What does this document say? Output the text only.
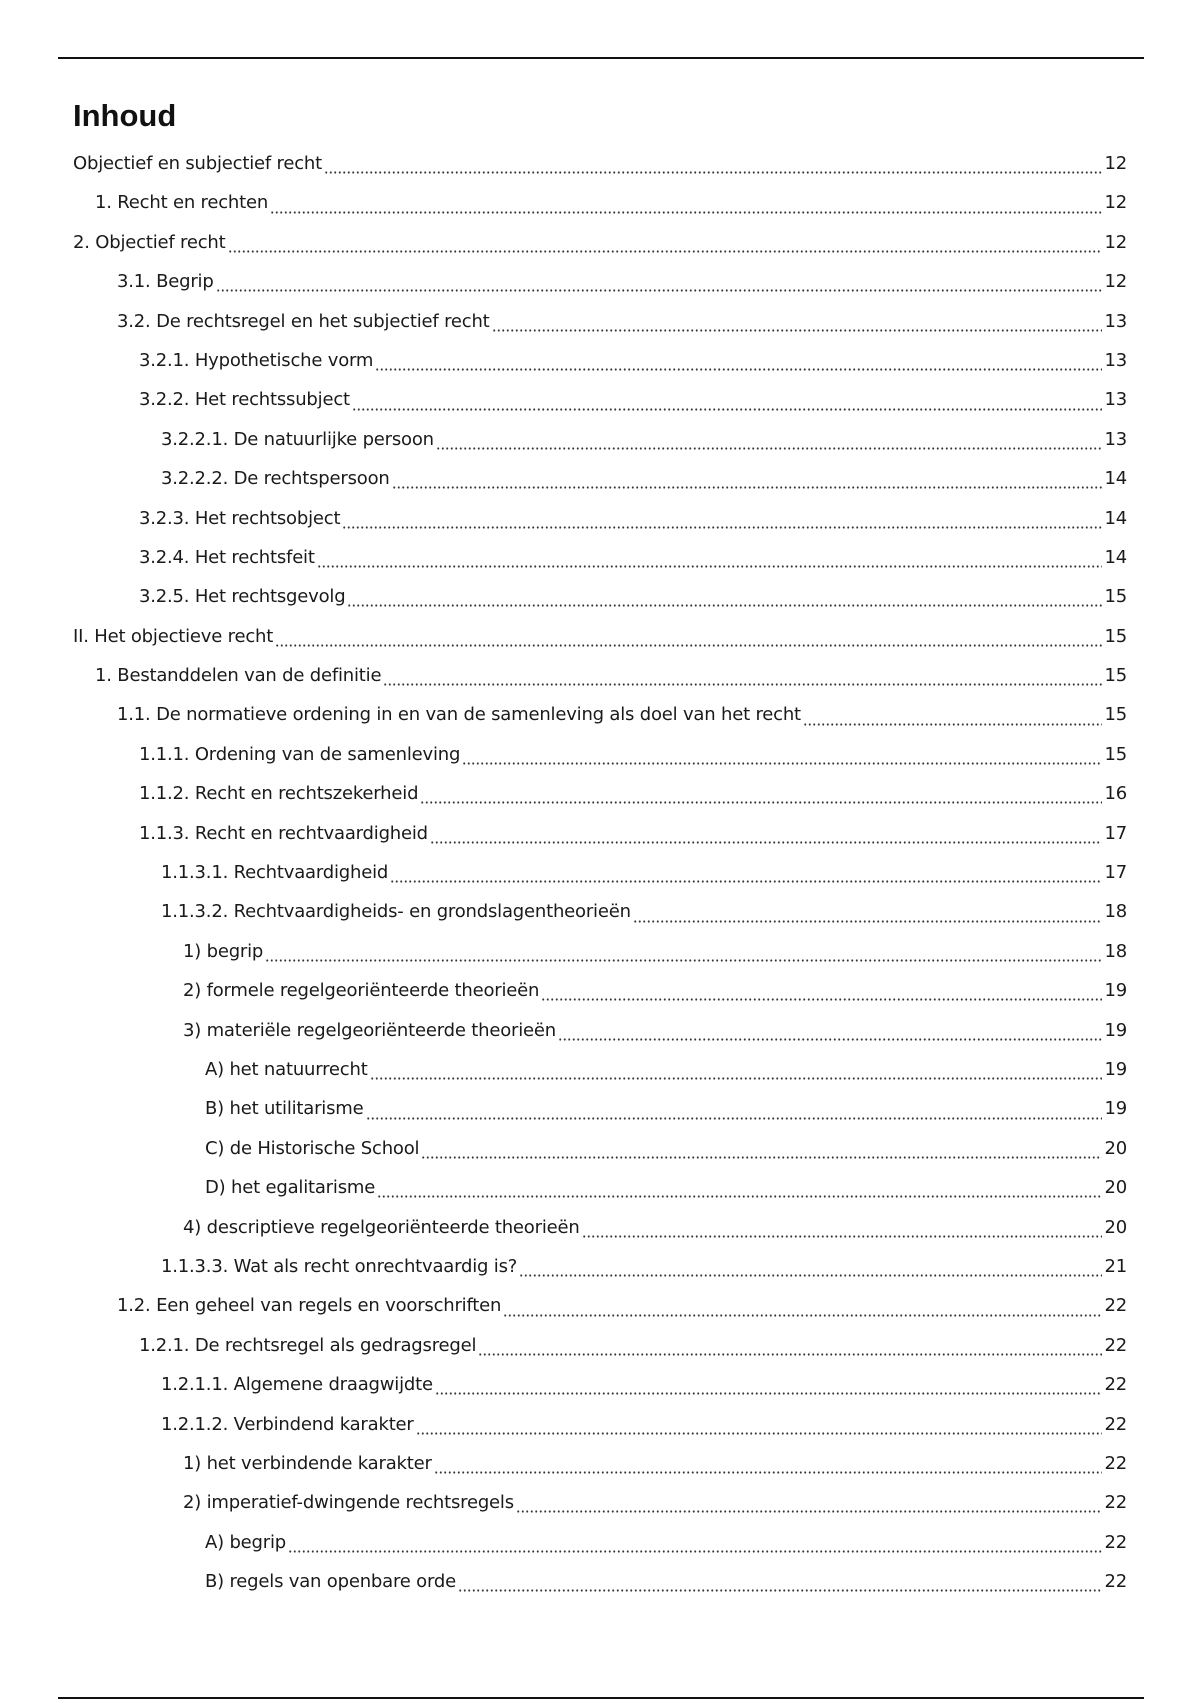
Inhoud
Objectief en subjectief recht	12
1. Recht en rechten	12
2. Objectief recht	12
3.1. Begrip	12
3.2. De rechtsregel en het subjectief recht	13
3.2.1. Hypothetische vorm	13
3.2.2. Het rechtssubject	13
3.2.2.1. De natuurlijke persoon	13
3.2.2.2. De rechtspersoon	14
3.2.3. Het rechtsobject	14
3.2.4. Het rechtsfeit	14
3.2.5. Het rechtsgevolg	15
II. Het objectieve recht	15
1. Bestanddelen van de definitie	15
1.1. De normatieve ordening in en van de samenleving als doel van het recht	15
1.1.1. Ordening van de samenleving	15
1.1.2. Recht en rechtszekerheid	16
1.1.3. Recht en rechtvaardigheid	17
1.1.3.1. Rechtvaardigheid	17
1.1.3.2. Rechtvaardigheids- en grondslagentheorieën	18
1) begrip	18
2) formele regelgeoriënteerde theorieën	19
3) materiële regelgeoriënteerde theorieën	19
A) het natuurrecht	19
B) het utilitarisme	19
C) de Historische School	20
D) het egalitarisme	20
4) descriptieve regelgeoriënteerde theorieën	20
1.1.3.3. Wat als recht onrechtvaardig is?	21
1.2. Een geheel van regels en voorschriften	22
1.2.1. De rechtsregel als gedragsregel	22
1.2.1.1. Algemene draagwijdte	22
1.2.1.2. Verbindend karakter	22
1) het verbindende karakter	22
2) imperatief-dwingende rechtsregels	22
A) begrip	22
B) regels van openbare orde	22
